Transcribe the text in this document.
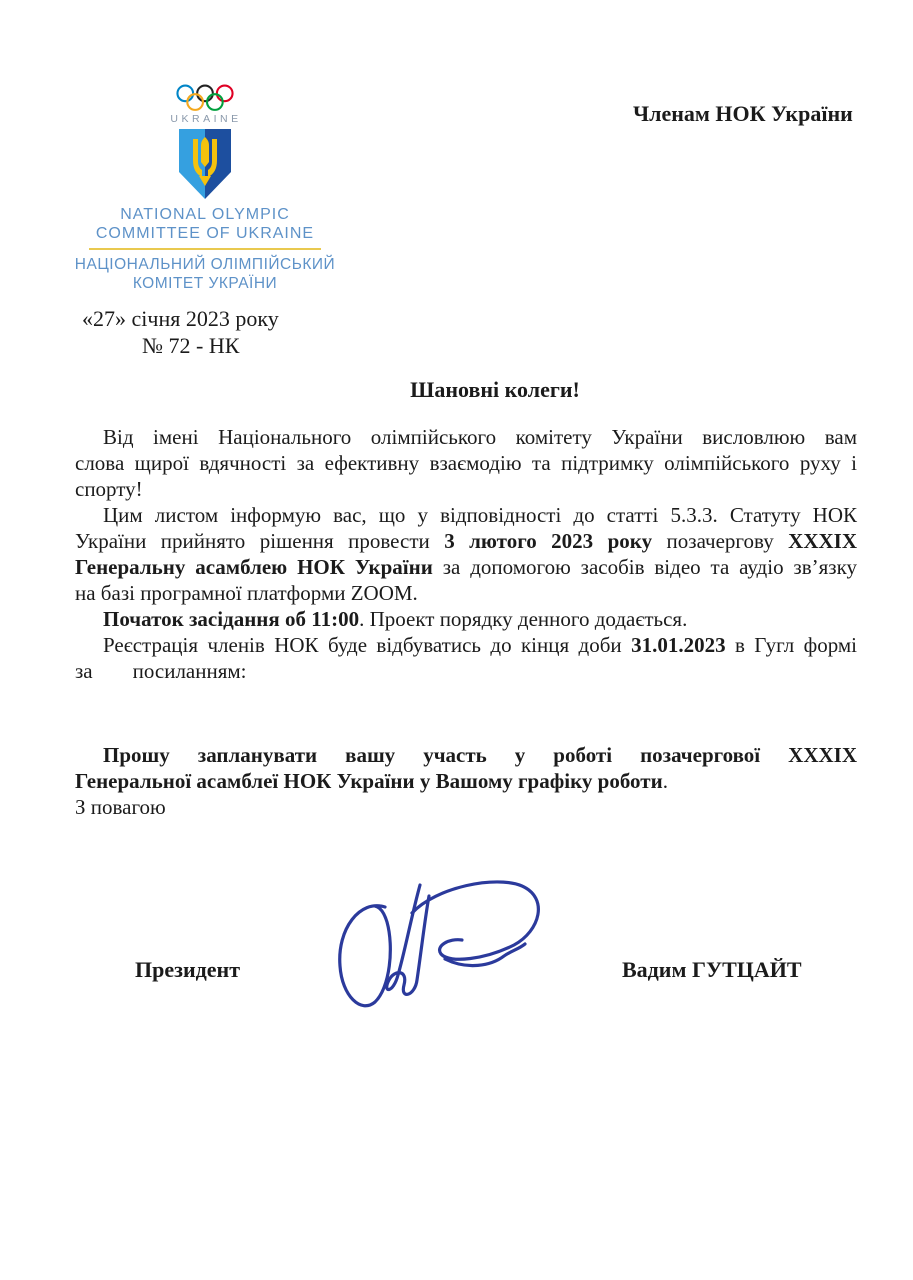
UKRAINE
NATIONAL OLYMPIC
COMMITTEE OF UKRAINE
НАЦІОНАЛЬНИЙ ОЛІМПІЙСЬКИЙ
КОМІТЕТ УКРАЇНИ
Членам НОК України
«27» січня 2023 року
№ 72 - НК
Шановні колеги!

Від імені Національного олімпійського комітету України висловлюю вам
слова щирої вдячності за ефективну взаємодію та підтримку олімпійського руху і
спорту!

Цим листом інформую вас, що у відповідності до статті 5.3.3. Статуту НОК
України прийнято рішення провести 3 лютого 2023 року позачергову XXXIX
Генеральну асамблею НОК України за допомогою засобів відео та аудіо зв’язку
на базі програмної платформи ZOOM.

Початок засідання об 11:00. Проект порядку денного додається.

Реєстрація членів НОК буде відбуватись до кінця доби 31.01.2023 в Гугл формі
за посиланням:

Прошу запланувати вашу участь у роботі позачергової XXXIX
Генеральної асамблеї НОК України у Вашому графіку роботи.

З повагою

Президент	Вадим ГУТЦАЙТ
